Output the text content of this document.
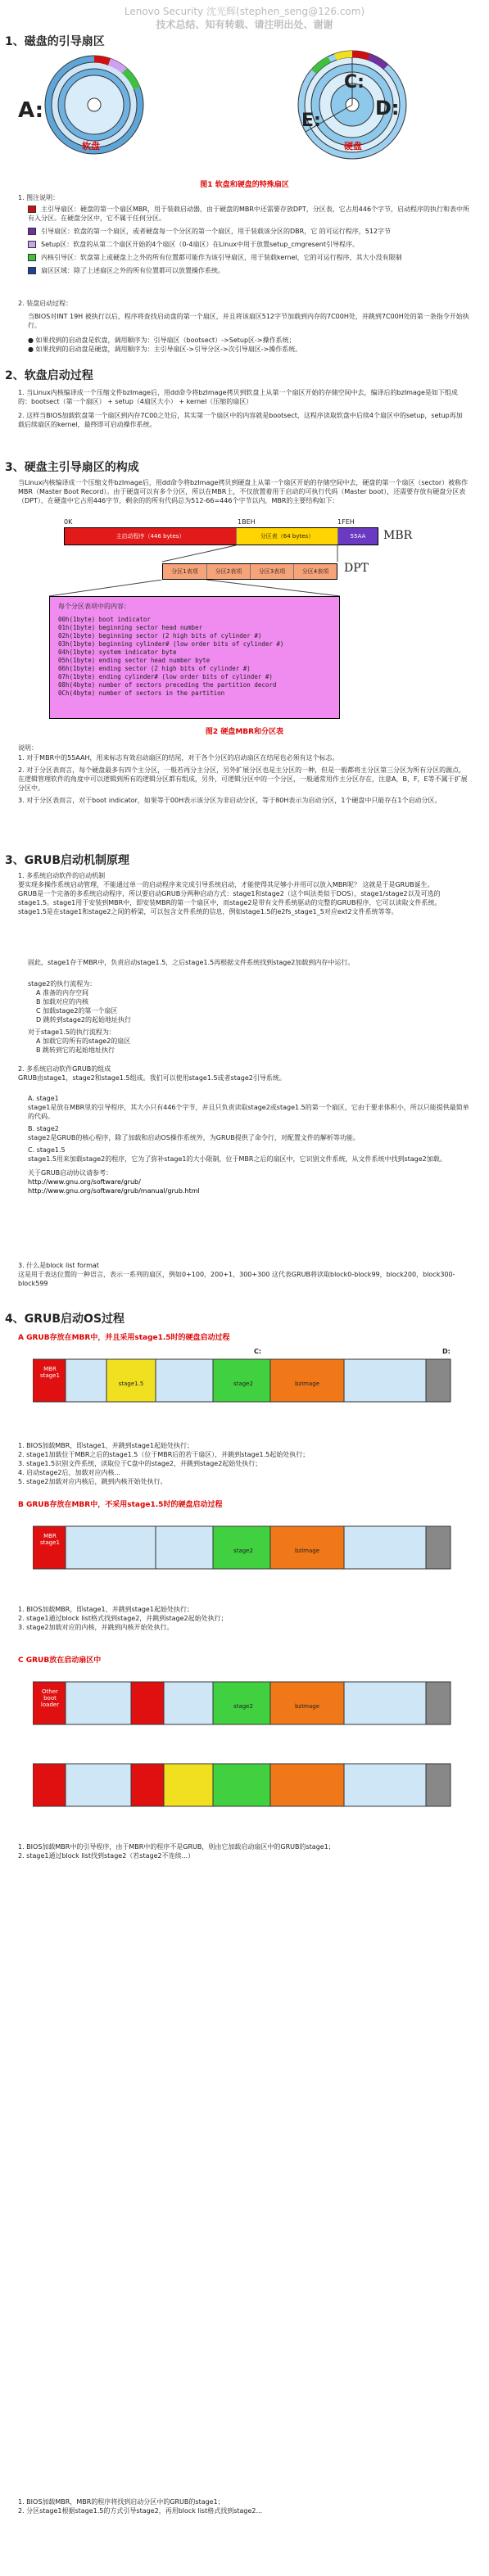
Lenovo Security 沈光辉(stephen_seng@126.com)
技术总结、知有转载、请注明出处、谢谢
1、磁盘的引导扇区
A:
软盘
C:
D:
E:
硬盘
图1 软盘和硬盘的特殊扇区
1. 图注说明：
主引导扇区：硬盘的第一个扇区MBR，用于装载启动器，由于硬盘的MBR中还需要存放DPT，分区表，它占用446个字节，启动程序的执行和表中所有入分区。在硬盘分区中，它不属于任何分区。
引导扇区：软盘的第一个扇区，或者硬盘每一个分区的第一个扇区，用于装载该分区的DBR，它 的可运行程序，512字节
Setup区：软盘的从第二个扇区开始的4个扇区（0-4扇区）在Linux中用于放置setup_cmgresent引导程序。
内核引导区：软盘第上或硬盘上之外的所有位置都可能作为该引导扇区，用于装载kernel，它的可运行程序，其大小没有限制
扇区区域：除了上述扇区之外的所有位置都可以放置操作系统。
2. 装盘启动过程：
当BIOS对INT 19H 被执行以后，程序将查找启动盘的第一个扇区，并且将该扇区512字节加载到内存的7C00H处，并跳到7C00H处的第一条指令开始执行。
● 如果找到的启动盘是软盘，调用顺序为：引导扇区（bootsect）->Setup区->操作系统；
● 如果找到的启动盘是硬盘，调用顺序为：主引导扇区->引导分区->次引导扇区->操作系统。
2、软盘启动过程
1. 当Linux内核编译成一个压缩文件bzImage后，用dd命令将bzImage拷贝到软盘上从第一个扇区开始的存储空间中去，编译后的bzImage是如下组成的：bootsect（第一个扇区） + setup（4扇区大小） + kernel（压缩的扇区）
2. 这样当BIOS加载软盘第一个扇区到内存7C00之处后，其实第一个扇区中的内容就是bootsect，这程序读取软盘中后续4个扇区中的setup，setup再加载后续扇区的kernel，最终即可启动操作系统。
3、硬盘主引导扇区的构成
当Linux内核编译成一个压缩文件bzImage后，用dd命令将bzImage拷贝到硬盘上从第一个扇区开始的存储空间中去，硬盘的第一个扇区（sector）被称作 MBR（Master Boot Record）。由于硬盘可以有多个分区，所以在MBR上，不仅放置着用于启动的可执行代码（Master boot），还需要存放有硬盘分区表（DPT），在硬盘中它占用446字节，剩余的的所有代码总为512-66=446个字节以内，MBR的主要结构如下：
0K	1BEH	1FEH
主启动程序（446 bytes）	分区表（64 bytes）	55AA	MBR
分区1表项	分区2表项	分区3表项	分区4表项	DPT
每个分区表项中的内容：
00h(1byte) boot indicator
01h(1byte) beginning sector head number
02h(1byte) beginning sector (2 high bits of cylinder #)
03h(1byte) beginning cylinder# (low order bits of cylinder #)
04h(1byte) system indicator byte
05h(1byte) ending sector head number byte
06h(1byte) ending sector (2 high bits of cylinder #)
07h(1byte) ending cylinder# (low order bits of cylinder #)
08h(4byte) number of sectors preceding the partition decord
0Ch(4byte) number of sectors in the partition
图2 硬盘MBR和分区表
说明：
1. 对于MBR中的55AAH，用来标志有效启动扇区的结尾，对于各个分区的启动扇区在结尾也必须有这个标志。
2. 对于分区表而言，每个硬盘最多有四个主分区，一般若再分主分区，另外扩展分区也是主分区的一种，但是一般都将主分区第三分区为所有分区的源点，在逻辑管理软件的角度中可以逻辑到所有的逻辑分区都有组成，另外，可逻辑分区中的一个分区，一般通常用作主分区存在，注意A，B，F，E等不属于扩展分区中。
3. 对于分区表而言，对于boot indicator，如果等于00H表示该分区为非启动分区，等于80H表示为启动分区，1个硬盘中只能存在1个启动分区。
3、GRUB启动机制原理
1. 多系统启动软件的启动机制
要实现多操作系统启动管理，不能通过单一的启动程序来完成引导系统启动，才能使得其足够小并用可以放入MBR呢？ 这就是于是GRUB诞生。
GRUB是一个完备的多系统启动程序，所以要启动GRUB分两种启动方式：stage1和stage2（这个叫法类似于DOS），stage1/stage2以及可选的stage1.5。stage1用于安装到MBR中，即安装MBR的第一个扇区中，而stage2是带有文件系统驱动的完整的GRUB程序，它可以读取文件系统。stage1.5是在stage1和stage2之间的桥梁，可以包含文件系统的信息，例如stage1.5的e2fs_stage1_5对应ext2文件系统等等。
固此，stage1存于MBR中，负责启动stage1.5，之后stage1.5再根据文件系统找到stage2加载到内存中运行。
stage2的执行流程为：
A 准备的内存空间
B 加载对应的内核
C 加载stage2的第一个扇区
D 跳转到stage2的起始地址执行
对于stage1.5的执行流程为：
A 加载它的所有的stage2的扇区
B 跳转到它的起始地址执行
2. 多系统启动软件GRUB的组成
GRUB由stage1，stage2和stage1.5组成。我们可以使用stage1.5或者stage2引导系统。
A. stage1
stage1是放在MBR里的引导程序，其大小只有446个字节，并且只负责读取stage2或stage1.5的第一个扇区，它由于要求体积小，所以只能提供最简单的代码。
B. stage2
stage2是GRUB的核心程序，除了加载和启动OS操作系统外，为GRUB提供了命令行，对配置文件的解析等功能。
C. stage1.5
stage1.5用来加载stage2的程序，它为了弥补stage1的大小限制，位于MBR之后的扇区中，它识别文件系统，从文件系统中找到stage2加载。
关于GRUB启动协议请参考：
http://www.gnu.org/software/grub/
http://www.gnu.org/software/grub/manual/grub.html
3. 什么是block list format
这是用于表达位置的一种语言，表示一系列的扇区，例如0+100，200+1，300+300 这代表GRUB将读取block0-block99，block200，block300-block599
4、GRUB启动OS过程
A GRUB存放在MBR中，并且采用stage1.5时的硬盘启动过程
MBR stage1
stage1.5	stage2	bzImage
C:	D:
1. BIOS加载MBR，即stage1，并跳到stage1起始处执行；
2. stage1加载位于MBR之后的stage1.5（位于MBR后的若干扇区），并跳到stage1.5起始处执行；
3. stage1.5识别文件系统，读取位于C盘中的stage2，并跳到stage2起始处执行；
4. 启动stage2后，加载对应内核...
5. stage2加载对应内核后，跳到内核开始处执行。
B GRUB存放在MBR中，不采用stage1.5时的硬盘启动过程
MBR stage1
stage2	bzImage
1. BIOS加载MBR，即stage1，并跳到stage1起始处执行；
2. stage1通过block list格式找到stage2，并跳到stage2起始处执行；
3. stage2加载对应的内核，并跳到内核开始处执行。
C GRUB放在启动扇区中
Other boot loader	stage2	bzImage
1. BIOS加载MBR中的引导程序，由于MBR中的程序不是GRUB，则由它加载启动扇区中的GRUB的stage1；
2. stage1通过block list找到stage2（若stage2不连续...）
1. BIOS加载MBR，MBR的程序将找到启动分区中的GRUB的stage1；
2. 分区stage1根据stage1.5的方式引导stage2，再用block list格式找到stage2...
